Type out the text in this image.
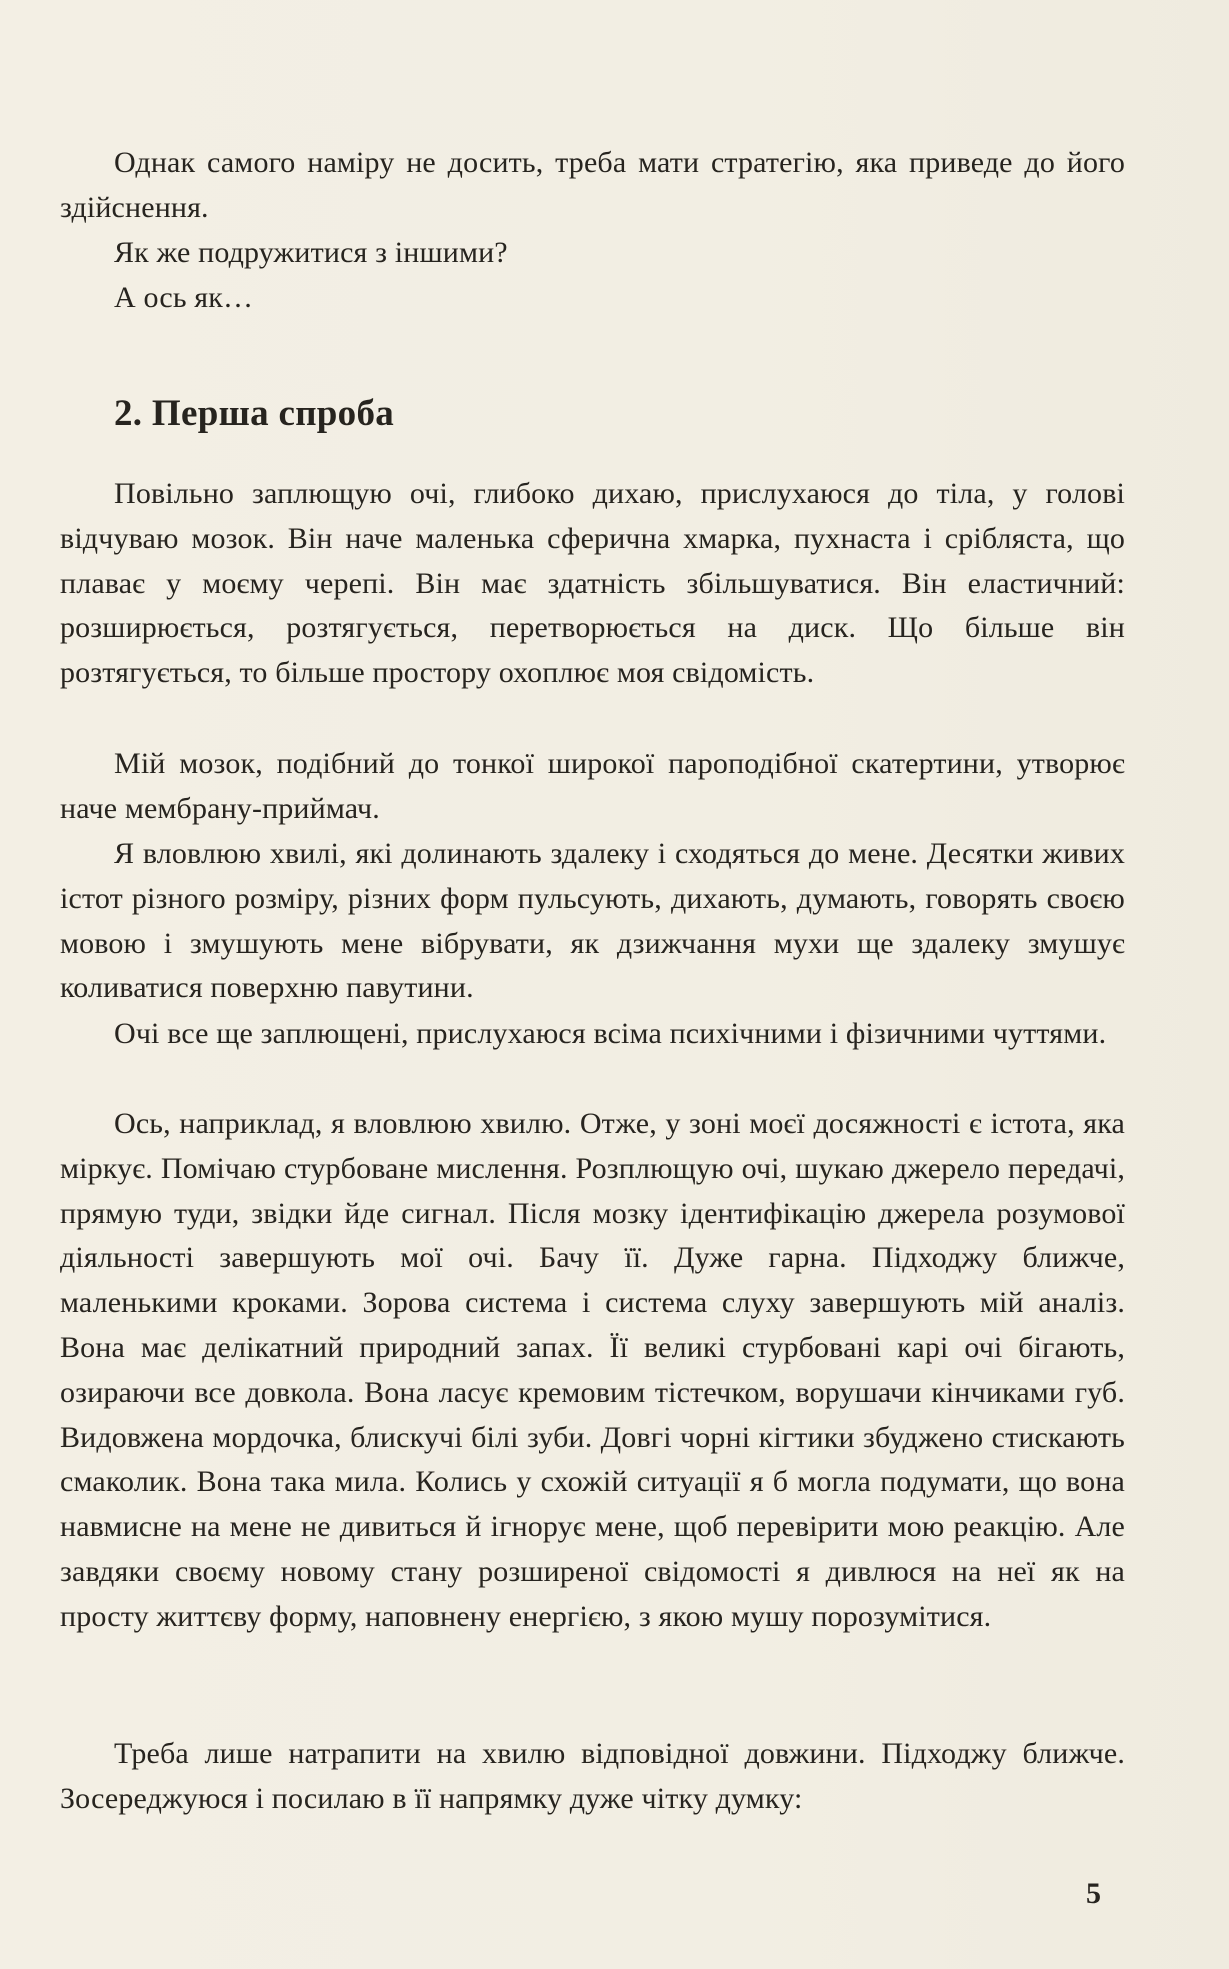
Однак самого наміру не досить, треба мати стратегію, яка приведе до його здійснення.

Як же подружитися з іншими?

А ось як…

2. Перша спроба

Повільно заплющую очі, глибоко дихаю, прислухаюся до тіла, у голові відчуваю мозок. Він наче маленька сферична хмарка, пухнаста і срібляста, що плаває у моєму черепі. Він має здатність збільшуватися. Він еластичний: розширюється, розтягується, перетворюється на диск. Що більше він розтягується, то більше простору охоплює моя свідомість.

Мій мозок, подібний до тонкої широкої пароподібної скатертини, утворює наче мембрану-приймач.

Я вловлюю хвилі, які долинають здалеку і сходяться до мене. Десятки живих істот різного розміру, різних форм пульсують, дихають, думають, говорять своєю мовою і змушують мене вібрувати, як дзижчання мухи ще здалеку змушує коливатися поверхню павутини.

Очі все ще заплющені, прислухаюся всіма психічними і фізичними чуттями.

Ось, наприклад, я вловлюю хвилю. Отже, у зоні моєї досяжності є істота, яка міркує. Помічаю стурбоване мислення. Розплющую очі, шукаю джерело передачі, прямую туди, звідки йде сигнал. Після мозку ідентифікацію джерела розумової діяльності завершують мої очі. Бачу її. Дуже гарна. Підходжу ближче, маленькими кроками. Зорова система і система слуху завершують мій аналіз. Вона має делікатний природний запах. Її великі стурбовані карі очі бігають, озираючи все довкола. Вона ласує кремовим тістечком, ворушачи кінчиками губ. Видовжена мордочка, блискучі білі зуби. Довгі чорні кігтики збуджено стискають смаколик. Вона така мила. Колись у схожій ситуації я б могла подумати, що вона навмисне на мене не дивиться й ігнорує мене, щоб перевірити мою реакцію. Але завдяки своєму новому стану розширеної свідомості я дивлюся на неї як на просту життєву форму, наповнену енергією, з якою мушу порозумітися.

Треба лише натрапити на хвилю відповідної довжини. Підходжу ближче. Зосереджуюся і посилаю в її напрямку дуже чітку думку:

5
